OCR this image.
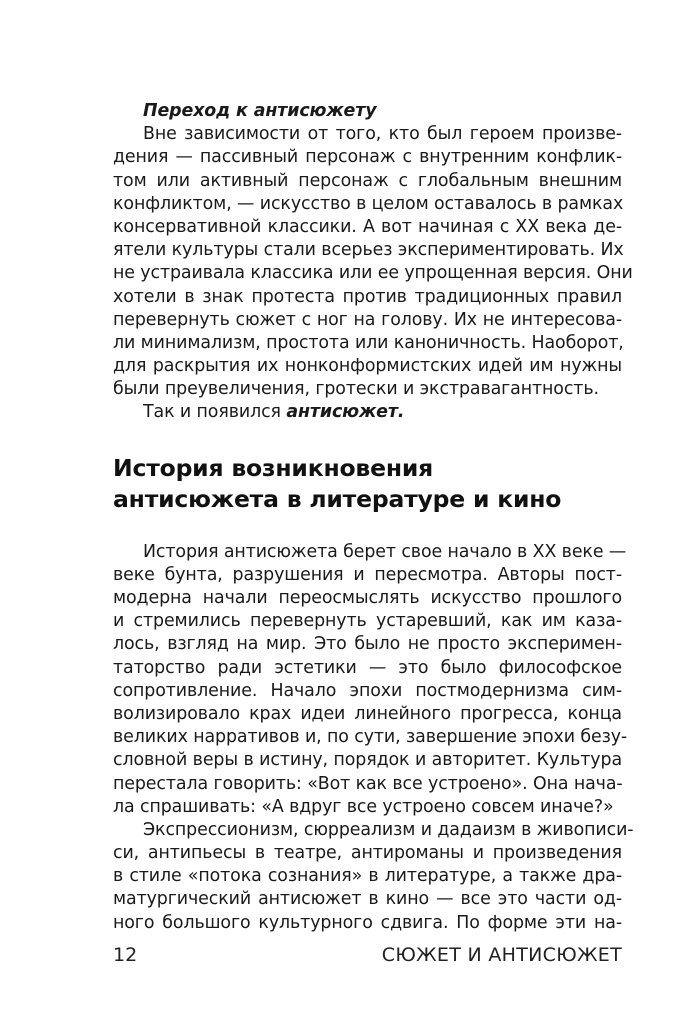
Переход к антисюжету
Вне зависимости от того, кто был героем произве-
дения — пассивный персонаж с внутренним конфлик-
том или активный персонаж с глобальным внешним
конфликтом, — искусство в целом оставалось в рамках
консервативной классики. А вот начиная с XX века де-
ятели культуры стали всерьез экспериментировать. Их
не устраивала классика или ее упрощенная версия. Они
хотели в знак протеста против традиционных правил
перевернуть сюжет с ног на голову. Их не интересова-
ли минимализм, простота или каноничность. Наоборот,
для раскрытия их нонконформистских идей им нужны
были преувеличения, гротески и экстравагантность.
Так и появился антисюжет.
История возникновения
антисюжета в литературе и кино
История антисюжета берет свое начало в XX веке —
веке бунта, разрушения и пересмотра. Авторы пост-
модерна начали переосмыслять искусство прошлого
и стремились перевернуть устаревший, как им каза-
лось, взгляд на мир. Это было не просто эксперимен-
таторство ради эстетики — это было философское
сопротивление. Начало эпохи постмодернизма сим-
волизировало крах идеи линейного прогресса, конца
великих нарративов и, по сути, завершение эпохи безу-
словной веры в истину, порядок и авторитет. Культура
перестала говорить: «Вот как все устроено». Она нача-
ла спрашивать: «А вдруг все устроено совсем иначе?»
Экспрессионизм, сюрреализм и дадаизм в живописи-
си, антипьесы в театре, антироманы и произведения
в стиле «потока сознания» в литературе, а также дра-
матургический антисюжет в кино — все это части од-
ного большого культурного сдвига. По форме эти на-
12	СЮЖЕТ И АНТИСЮЖЕТ
